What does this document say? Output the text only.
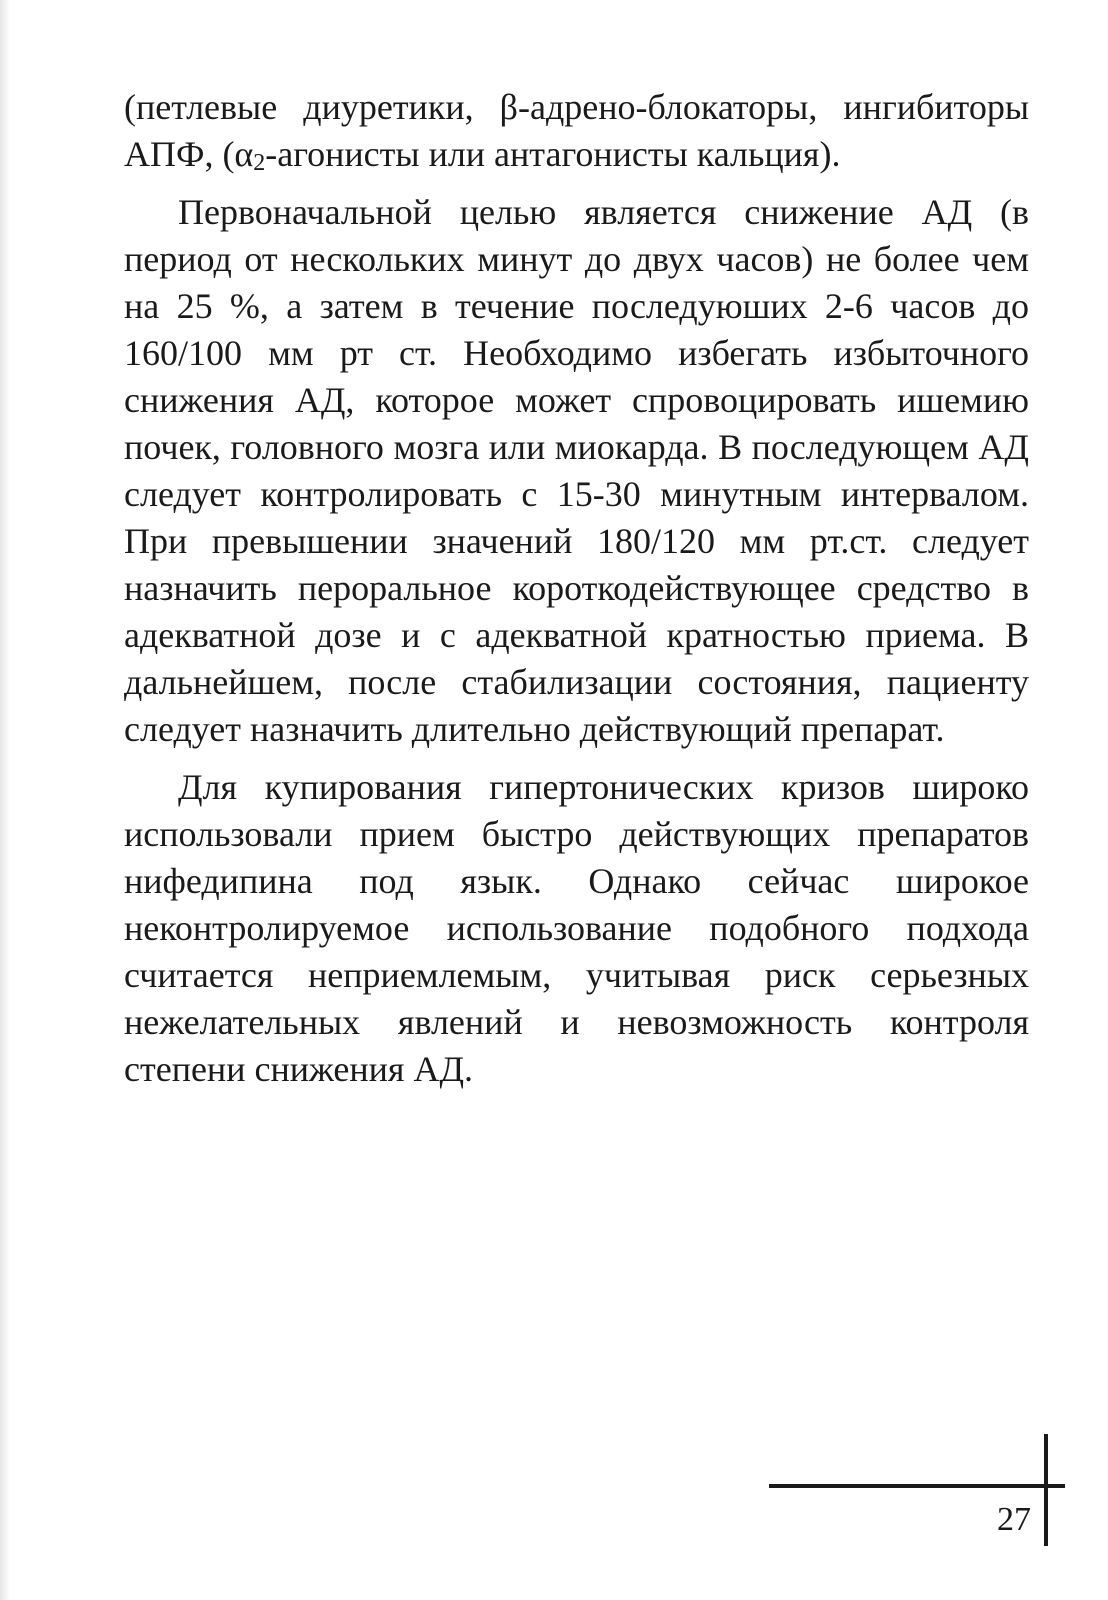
(петлевые диуретики, β-адрено-блокаторы, ингибиторы АПФ, ($\alpha_2$-агонисты или антагонисты кальция).

Первоначальной целью является снижение АД (в период от нескольких минут до двух часов) не более чем на 25 %, а затем в течение последуюших 2-6 часов до 160/100 мм рт ст. Необходимо избегать избыточного снижения АД, которое может спровоцировать ишемию почек, головного мозга или миокарда. В последующем АД следует контролировать с 15-30 минутным интервалом. При превышении значений 180/120 мм рт.ст. следует назначить пероральное короткодействующее средство в адекватной дозе и с адекватной кратностью приема. В дальнейшем, после стабилизации состояния, пациенту следует назначить длительно действующий препарат.

Для купирования гипертонических кризов широко использовали прием быстро действующих препаратов нифедипина под язык. Однако сейчас широкое неконтролируемое использование подобного подхода считается неприемлемым, учитывая риск серьезных нежелательных явлений и невозможность контроля степени снижения АД.

27
